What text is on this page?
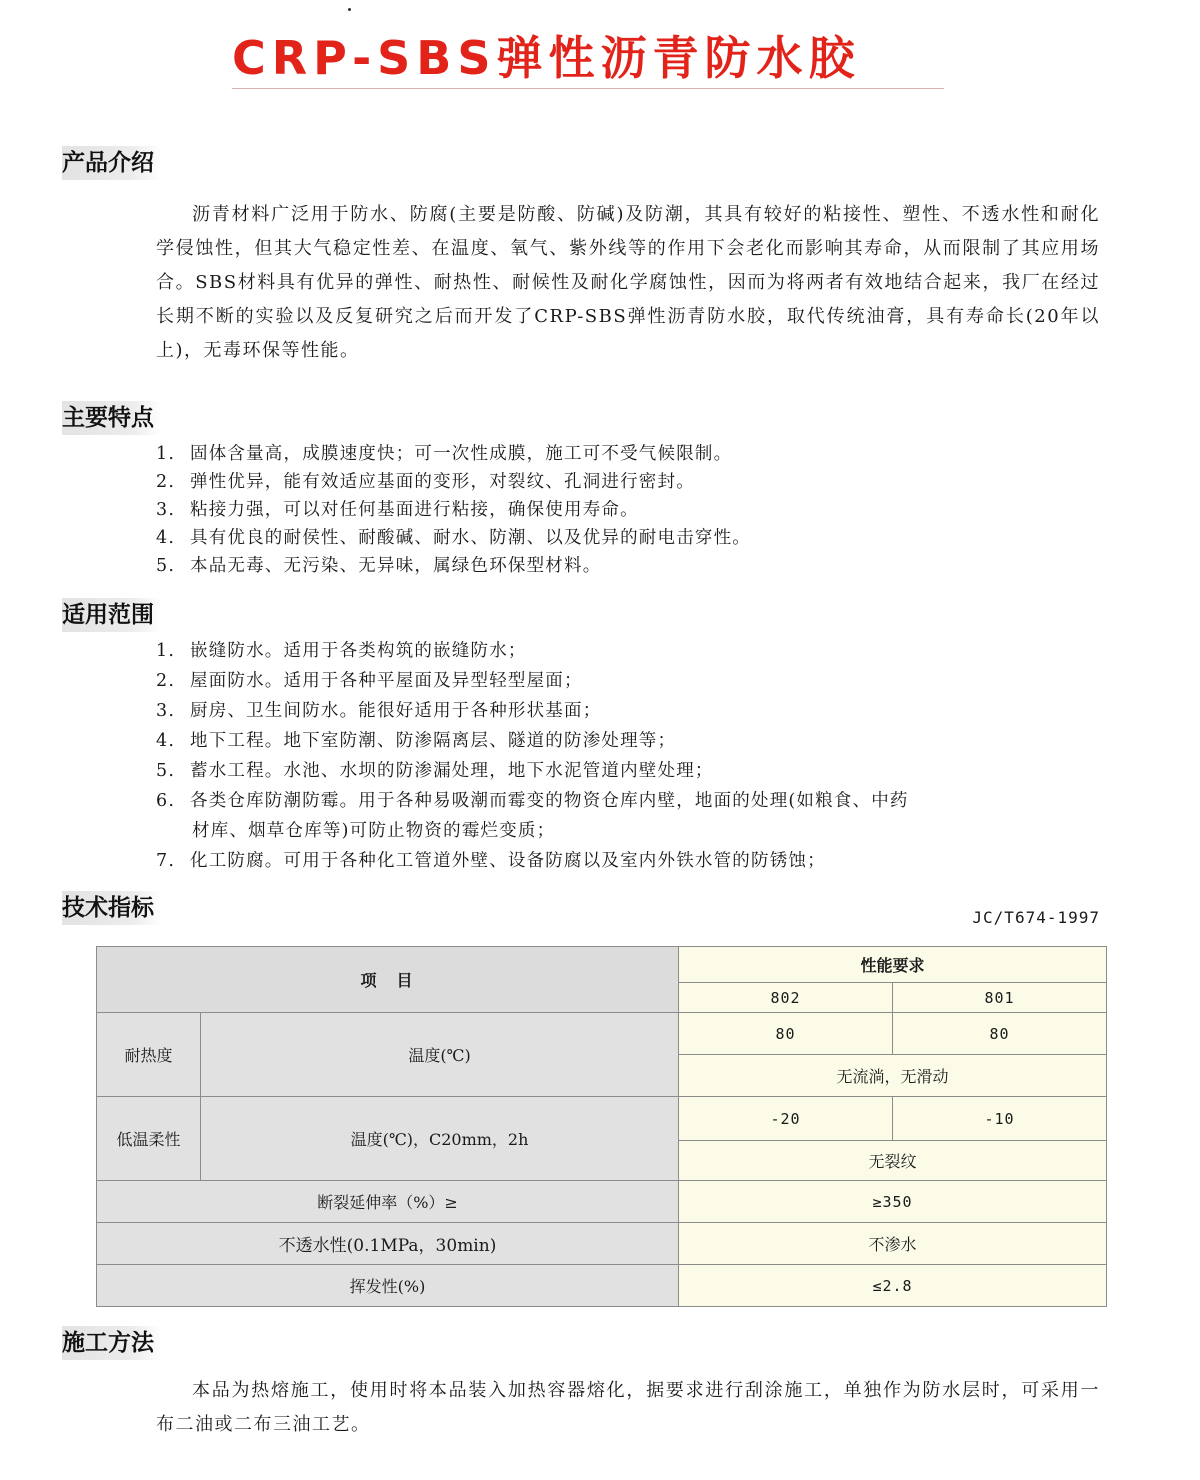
CRP-SBS弹性沥青防水胶
产品介绍

沥青材料广泛用于防水、防腐(主要是防酸、防碱)及防潮，其具有较好的粘接性、塑性、不透水性和耐化学侵蚀性，但其大气稳定性差、在温度、氧气、紫外线等的作用下会老化而影响其寿命，从而限制了其应用场合。SBS材料具有优异的弹性、耐热性、耐候性及耐化学腐蚀性，因而为将两者有效地结合起来，我厂在经过长期不断的实验以及反复研究之后而开发了CRP-SBS弹性沥青防水胶，取代传统油膏，具有寿命长(20年以上)，无毒环保等性能。

主要特点
1. 固体含量高，成膜速度快；可一次性成膜，施工可不受气候限制。
2. 弹性优异，能有效适应基面的变形，对裂纹、孔洞进行密封。
3. 粘接力强，可以对任何基面进行粘接，确保使用寿命。
4. 具有优良的耐侯性、耐酸碱、耐水、防潮、以及优异的耐电击穿性。
5. 本品无毒、无污染、无异味，属绿色环保型材料。
适用范围
1. 嵌缝防水。适用于各类构筑的嵌缝防水；
2. 屋面防水。适用于各种平屋面及异型轻型屋面；
3. 厨房、卫生间防水。能很好适用于各种形状基面；
4. 地下工程。地下室防潮、防渗隔离层、隧道的防渗处理等；
5. 蓄水工程。水池、水坝的防渗漏处理，地下水泥管道内壁处理；
6. 各类仓库防潮防霉。用于各种易吸潮而霉变的物资仓库内壁，地面的处理(如粮食、中药
材库、烟草仓库等)可防止物资的霉烂变质；
7. 化工防腐。可用于各种化工管道外壁、设备防腐以及室内外铁水管的防锈蚀；
技术指标	JC/T674-1997
项　目		性能要求	
		802	801
耐热度	温度(℃)	80	80
		无流淌，无滑动	
低温柔性	温度(℃)，Ⅽ20mm，2h	-20	-10
		无裂纹	
断裂延伸率（%）≥		≥350	
不透水性(0.1MPa，30min)		不渗水	
挥发性(%)		≤2.8	
施工方法

本品为热熔施工，使用时将本品装入加热容器熔化，据要求进行刮涂施工，单独作为防水层时，可采用一布二油或二布三油工艺。
